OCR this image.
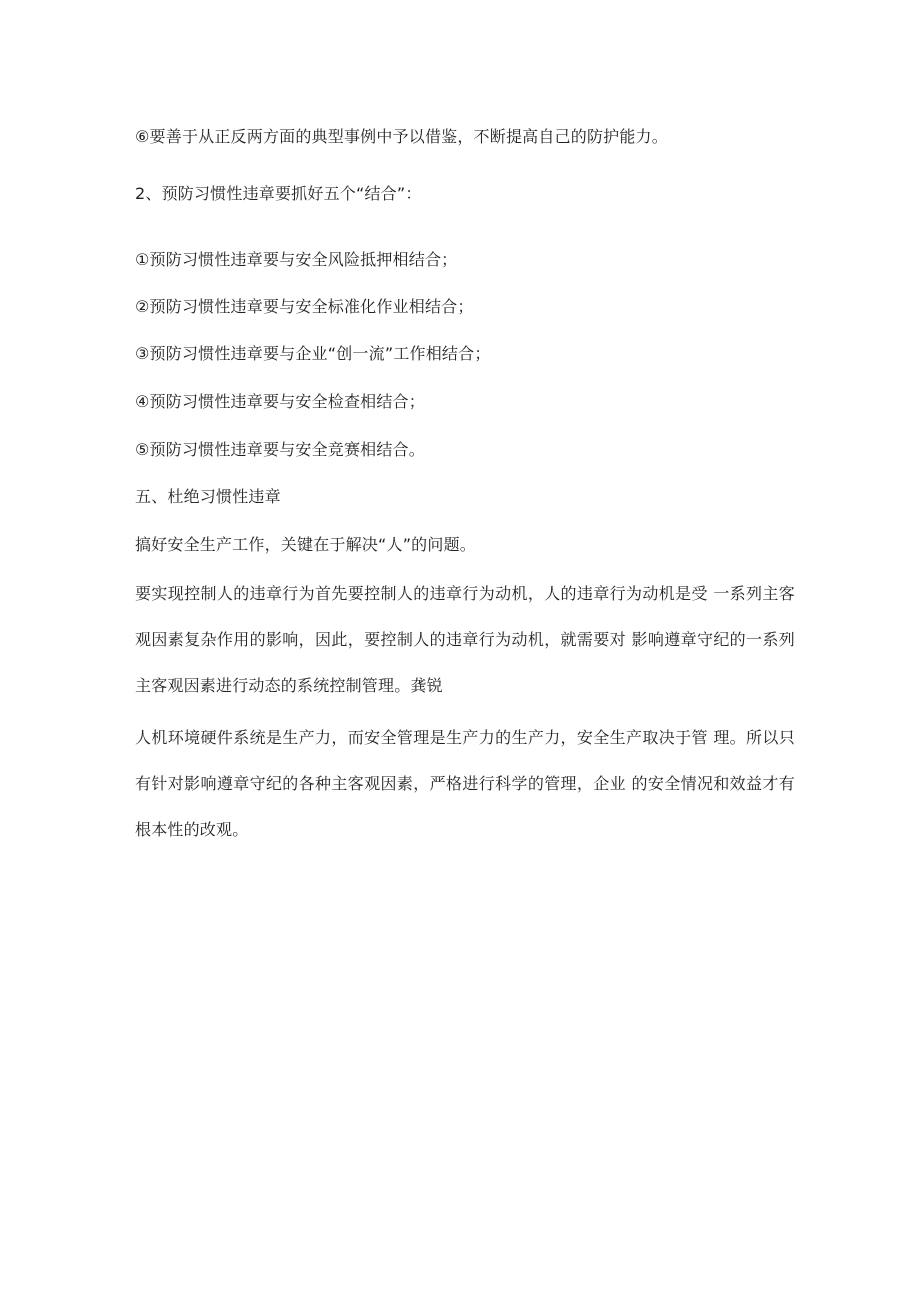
⑥要善于从正反两方面的典型事例中予以借鉴，不断提高自己的防护能力。
2、预防习惯性违章要抓好五个“结合”：
①预防习惯性违章要与安全风险抵押相结合；
②预防习惯性违章要与安全标准化作业相结合；
③预防习惯性违章要与企业“创一流”工作相结合；
④预防习惯性违章要与安全检查相结合；
⑤预防习惯性违章要与安全竞赛相结合。
五、杜绝习惯性违章
搞好安全生产工作，关键在于解决“人”的问题。
要实现控制人的违章行为首先要控制人的违章行为动机，人的违章行为动机是受 一系列主客观因素复杂作用的影响，因此，要控制人的违章行为动机，就需要对 影响遵章守纪的一系列主客观因素进行动态的系统控制管理。龚锐
人机环境硬件系统是生产力，而安全管理是生产力的生产力，安全生产取决于管 理。所以只有针对影响遵章守纪的各种主客观因素，严格进行科学的管理，企业 的安全情况和效益才有根本性的改观。
